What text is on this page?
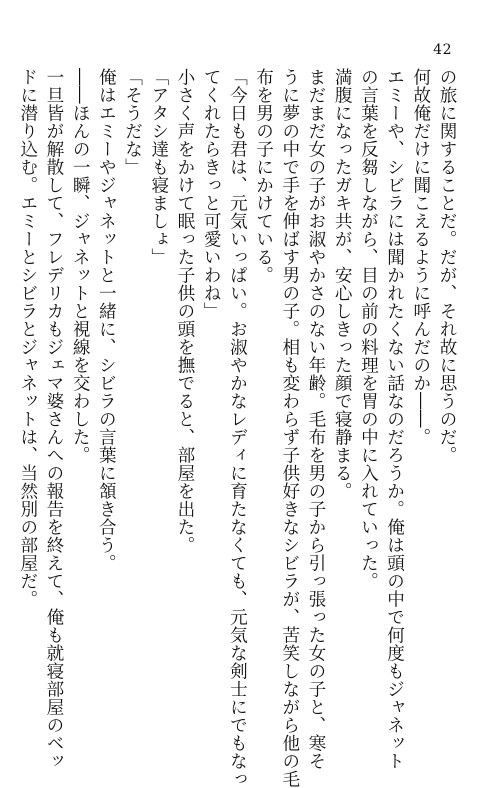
42
の旅に関することだ。だが、それ故に思うのだ。
何故俺だけに聞こえるように呼んだのか――。
エミーや、シビラには聞かれたくない話なのだろうか。俺は頭の中で何度もジャネット
の言葉を反芻しながら、目の前の料理を胃の中に入れていった。
満腹になったガキ共が、安心しきった顔で寝静まる。
まだまだ女の子がお淑やかさのない年齢。毛布を男の子から引っ張った女の子と、寒そ
うに夢の中で手を伸ばす男の子。相も変わらず子供好きなシビラが、苦笑しながら他の毛
布を男の子にかけている。
「今日も君は、元気いっぱい。お淑やかなレディに育たなくても、元気な剣士にでもなっ
てくれたらきっと可愛いわね」
小さく声をかけて眠った子供の頭を撫でると、部屋を出た。
「アタシ達も寝ましょ」
「そうだな」
俺はエミーやジャネットと一緒に、シビラの言葉に頷き合う。
――ほんの一瞬、ジャネットと視線を交わした。
一旦皆が解散して、フレデリカもジェマ婆さんへの報告を終えて、俺も就寝部屋のベッ
ドに潜り込む。エミーとシビラとジャネットは、当然別の部屋だ。
